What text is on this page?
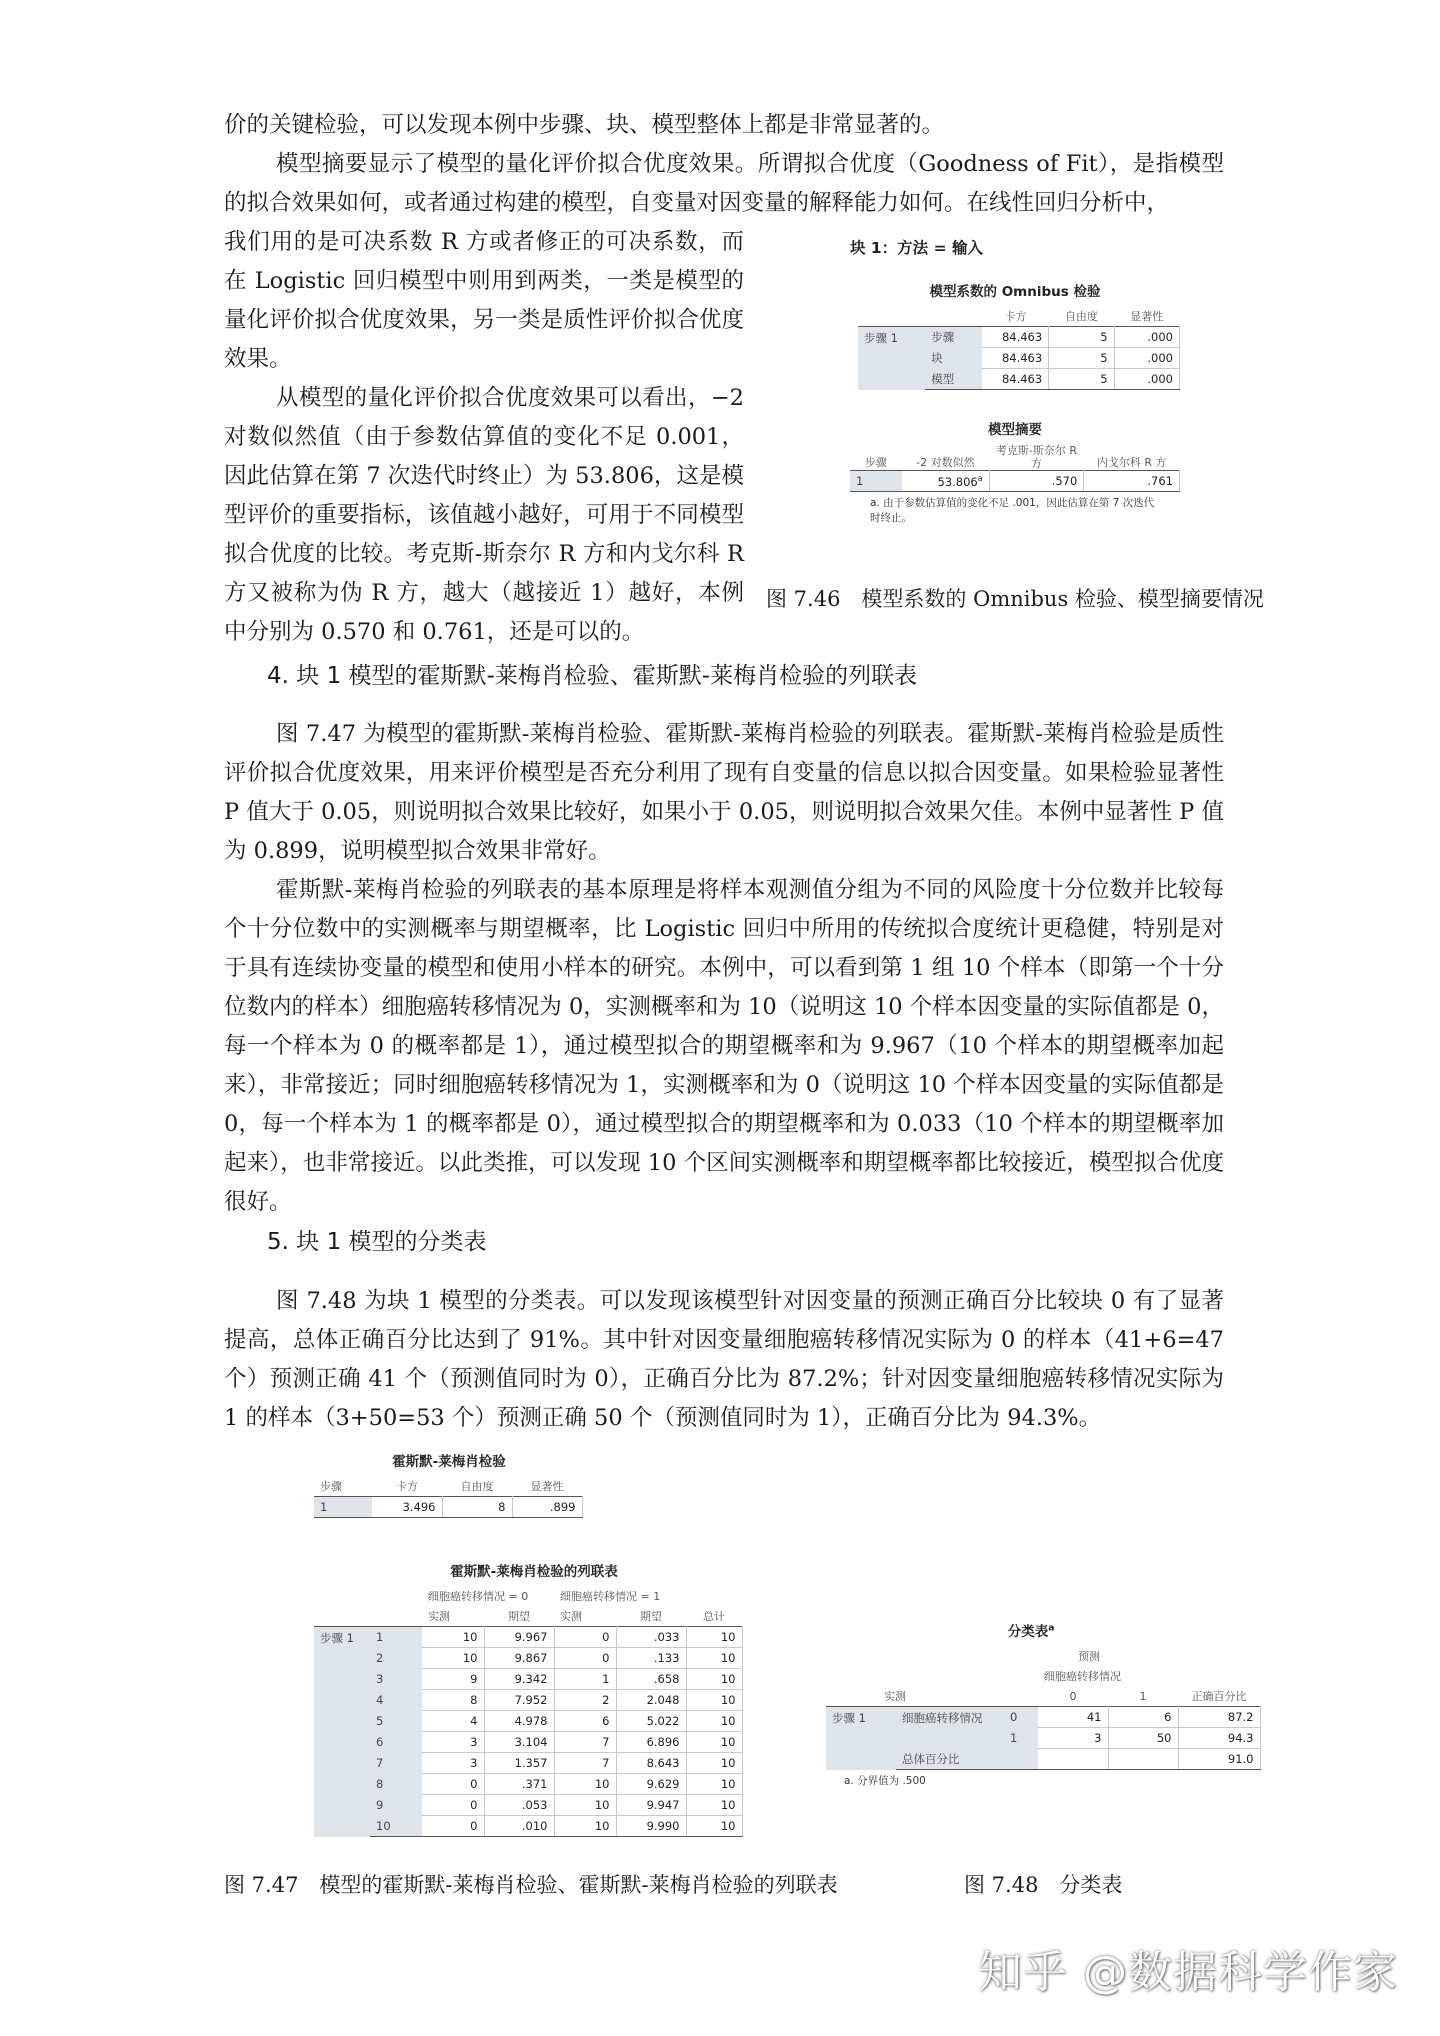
价的关键检验，可以发现本例中步骤、块、模型整体上都是非常显著的。

模型摘要显示了模型的量化评价拟合优度效果。所谓拟合优度（Goodness of Fit），是指模型的拟合效果如何，或者通过构建的模型，自变量对因变量的解释能力如何。在线性回归分析中，

我们用的是可决系数 R 方或者修正的可决系数，而在 Logistic 回归模型中则用到两类，一类是模型的量化评价拟合优度效果，另一类是质性评价拟合优度效果。

从模型的量化评价拟合优度效果可以看出，−2 对数似然值（由于参数估算值的变化不足 0.001，因此估算在第 7 次迭代时终止）为 53.806，这是模型评价的重要指标，该值越小越好，可用于不同模型拟合优度的比较。考克斯-斯奈尔 R 方和内戈尔科 R 方又被称为伪 R 方，越大（越接近 1）越好，本例中分别为 0.570 和 0.761，还是可以的。

块 1：方法 = 输入
模型系数的 Omnibus 检验
		卡方	自由度	显著性
步骤 1	步骤	84.463	5	.000
	块	84.463	5	.000
	模型	84.463	5	.000
模型摘要
步骤	-2 对数似然	考克斯-斯奈尔 R 方	内戈尔科 R 方
1	53.806$^a$	.570	.761
a. 由于参数估算值的变化不足 .001，因此估算在第 7 次迭代时终止。

图 7.46　模型系数的 Omnibus 检验、模型摘要情况

4. 块 1 模型的霍斯默-莱梅肖检验、霍斯默-莱梅肖检验的列联表

图 7.47 为模型的霍斯默-莱梅肖检验、霍斯默-莱梅肖检验的列联表。霍斯默-莱梅肖检验是质性评价拟合优度效果，用来评价模型是否充分利用了现有自变量的信息以拟合因变量。如果检验显著性 P 值大于 0.05，则说明拟合效果比较好，如果小于 0.05，则说明拟合效果欠佳。本例中显著性 P 值为 0.899，说明模型拟合效果非常好。

霍斯默-莱梅肖检验的列联表的基本原理是将样本观测值分组为不同的风险度十分位数并比较每个十分位数中的实测概率与期望概率，比 Logistic 回归中所用的传统拟合度统计更稳健，特别是对于具有连续协变量的模型和使用小样本的研究。本例中，可以看到第 1 组 10 个样本（即第一个十分位数内的样本）细胞癌转移情况为 0，实测概率和为 10（说明这 10 个样本因变量的实际值都是 0，每一个样本为 0 的概率都是 1），通过模型拟合的期望概率和为 9.967（10 个样本的期望概率加起来），非常接近；同时细胞癌转移情况为 1，实测概率和为 0（说明这 10 个样本因变量的实际值都是 0，每一个样本为 1 的概率都是 0），通过模型拟合的期望概率和为 0.033（10 个样本的期望概率加起来），也非常接近。以此类推，可以发现 10 个区间实测概率和期望概率都比较接近，模型拟合优度很好。

5. 块 1 模型的分类表

图 7.48 为块 1 模型的分类表。可以发现该模型针对因变量的预测正确百分比较块 0 有了显著提高，总体正确百分比达到了 91%。其中针对因变量细胞癌转移情况实际为 0 的样本（41+6=47 个）预测正确 41 个（预测值同时为 0），正确百分比为 87.2%；针对因变量细胞癌转移情况实际为 1 的样本（3+50=53 个）预测正确 50 个（预测值同时为 1），正确百分比为 94.3%。

霍斯默-莱梅肖检验
步骤	卡方	自由度	显著性
1	3.496	8	.899
霍斯默-莱梅肖检验的列联表
		细胞癌转移情况 = 0		细胞癌转移情况 = 1		
		实测	期望	实测	期望	总计
步骤 1	1	10	9.967	0	.033	10
	2	10	9.867	0	.133	10
	3	9	9.342	1	.658	10
	4	8	7.952	2	2.048	10
	5	4	4.978	6	5.022	10
	6	3	3.104	7	6.896	10
	7	3	1.357	7	8.643	10
	8	0	.371	10	9.629	10
	9	0	.053	10	9.947	10
	10	0	.010	10	9.990	10
分类表$^a$
			预测		
			细胞癌转移情况		
实测			0	1	正确百分比
步骤 1	细胞癌转移情况	0	41	6	87.2
		1	3	50	94.3
	总体百分比				91.0
a. 分界值为 .500

图 7.47　模型的霍斯默-莱梅肖检验、霍斯默-莱梅肖检验的列联表	图 7.48　分类表

知乎 @数据科学作家
